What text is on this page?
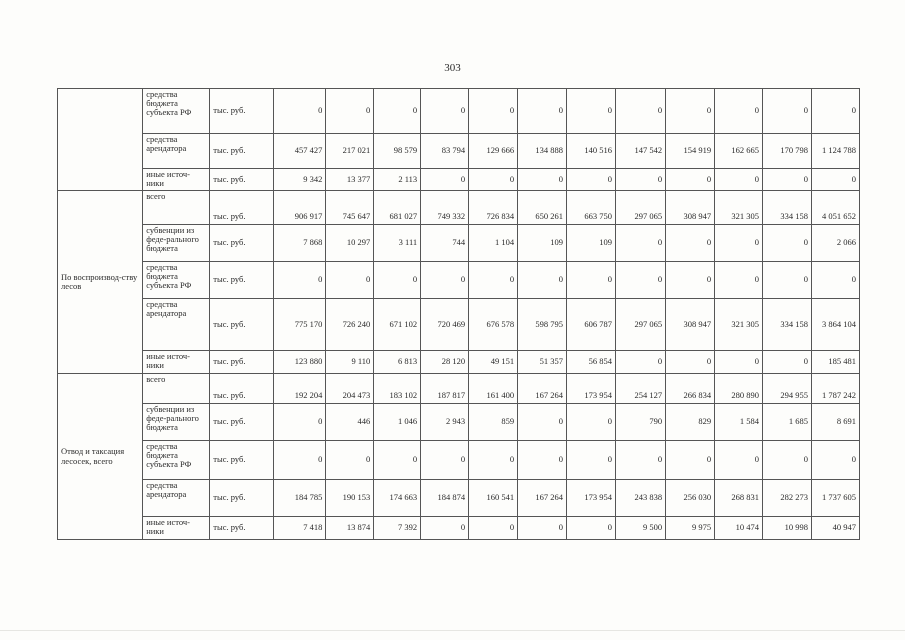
303
	средства бюджета субъекта РФ	тыс. руб.	0	0	0	0	0	0	0	0	0	0	0	0
	средства арендатора	тыс. руб.	457 427	217 021	98 579	83 794	129 666	134 888	140 516	147 542	154 919	162 665	170 798	1 124 788
	иные источ-ники	тыс. руб.	9 342	13 377	2 113	0	0	0	0	0	0	0	0	0
По воспроизвод-ству лесов	всего	тыс. руб.	906 917	745 647	681 027	749 332	726 834	650 261	663 750	297 065	308 947	321 305	334 158	4 051 652
	субвенции из феде-рального бюджета	тыс. руб.	7 868	10 297	3 111	744	1 104	109	109	0	0	0	0	2 066
	средства бюджета субъекта РФ	тыс. руб.	0	0	0	0	0	0	0	0	0	0	0	0
	средства арендатора	тыс. руб.	775 170	726 240	671 102	720 469	676 578	598 795	606 787	297 065	308 947	321 305	334 158	3 864 104
	иные источ-ники	тыс. руб.	123 880	9 110	6 813	28 120	49 151	51 357	56 854	0	0	0	0	185 481
Отвод и таксация лесосек, всего	всего	тыс. руб.	192 204	204 473	183 102	187 817	161 400	167 264	173 954	254 127	266 834	280 890	294 955	1 787 242
	субвенции из феде-рального бюджета	тыс. руб.	0	446	1 046	2 943	859	0	0	790	829	1 584	1 685	8 691
	средства бюджета субъекта РФ	тыс. руб.	0	0	0	0	0	0	0	0	0	0	0	0
	средства арендатора	тыс. руб.	184 785	190 153	174 663	184 874	160 541	167 264	173 954	243 838	256 030	268 831	282 273	1 737 605
	иные источ-ники	тыс. руб.	7 418	13 874	7 392	0	0	0	0	9 500	9 975	10 474	10 998	40 947
